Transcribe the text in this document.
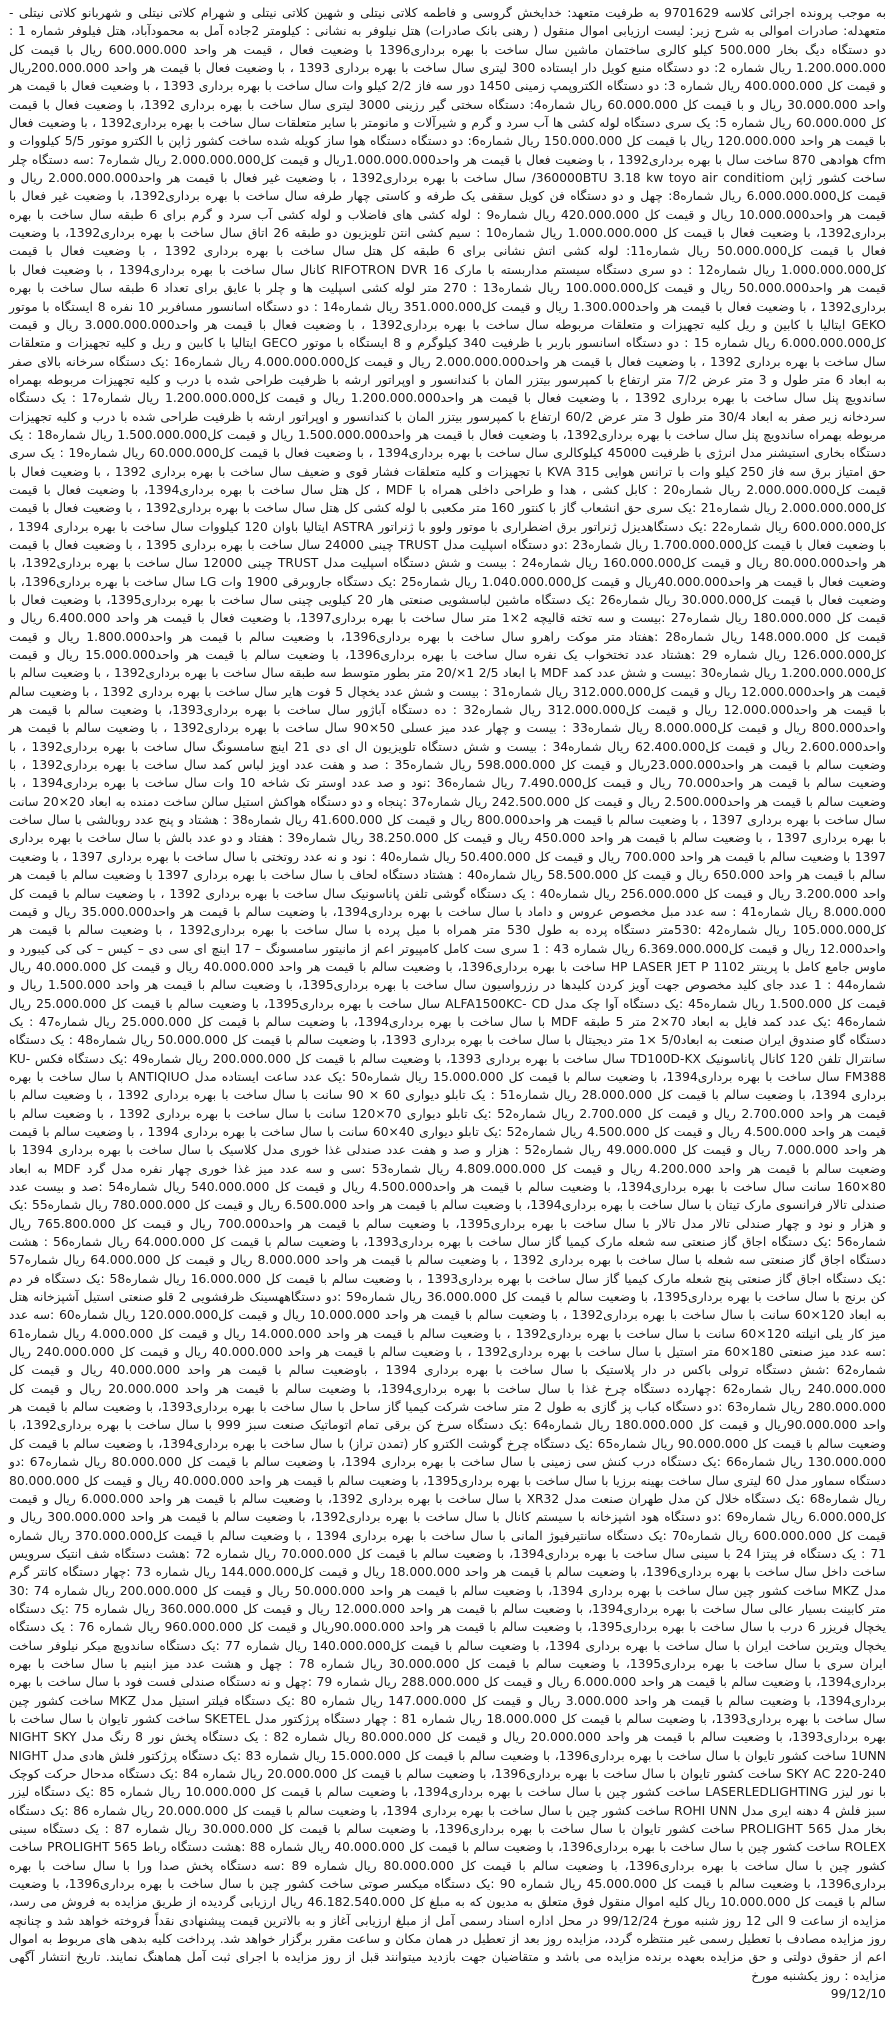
به موجب پرونده اجرائی کلاسه 9701629 به طرفیت متعهد: خدایخش گروسی و فاطمه کلاتی نیتلی و شهین کلاتی نیتلی و شهرام کلاتی نیتلی و شهربانو کلاتی نیتلی - متعهدله: صادرات اموالی به شرح زیر: لیست ارزیابی اموال منقول ( رهنی بانک صادرات) هتل نیلوفر به نشانی : کیلومتر 2جاده آمل به محمودآباد، هتل فیلوفر شماره 1 : دو دستگاه دیگ بخار 500.000 کیلو کالری ساختمان ماشین سال ساخت با بهره برداری1396 با وضعیت فعال ، قیمت هر واحد 600.000.000 ریال با قیمت کل 1.200.000.000 ریال شماره 2: دو دستگاه منبع کویل دار ایستاده 300 لیتری سال ساخت با بهره برداری 1393 ، با وضعیت فعال با قیمت هر واحد 200.000.000ریال و قیمت کل 400.000.000 ریال شماره 3: دو دستگاه الکتروپمپ زمینی 1450 دور سه فاز 2/2 کیلو وات سال ساخت با بهره برداری 1393 ، با وضعیت فعال با قیمت هر واحد 30.000.000 ریال و با قیمت کل 60.000.000 ریال شماره4: دستگاه سختی گیر رزینی 3000 لیتری سال ساخت با بهره برداری 1392، با وضعیت فعال با قیمت کل 60.000.000 ریال شماره 5: یک سری دستگاه لوله کشی ها آب سرد و گرم و شیرآلات و مانومتر با سایر متعلقات سال ساخت با بهره برداری1392 ، با وضعیت فعال با قیمت هر واحد 120.000.000 ریال با قیمت کل 150.000.000 ریال شماره6: دو دستگاه دستگاه هوا ساز کویله شده ساخت کشور ژاپن با الکترو موتور 5/5 کیلووات و cfm هوادهی 870 ساخت سال با بهره برداری1392 ، با وضعیت فعال با قیمت هر واحد1.000.000.000ریال و قیمت کل2.000.000.000 ریال شماره7 :سه دستگاه چلر ساخت کشور ژاپن 360000BTU 3.18 kw toyo air conditiom/ سال ساخت با بهره برداری1392 ، با وضعیت غیر فعال با قیمت هر واحد2.000.000.000 ریال و قیمت کل6.000.000.000 ریال شماره8: چهل و دو دستگاه فن کویل سقفی یک طرفه و کاستی چهار طرفه سال ساخت با بهره برداری1392، با وضعیت غیر فعال با قیمت هر واحد10.000.000 ریال و قیمت کل 420.000.000 ریال شماره9 : لوله کشی های فاضلاب و لوله کشی آب سرد و گرم برای 6 طبقه سال ساخت با بهره برداری1392، با وضعیت فعال با قیمت کل 1.000.000.000 ریال شماره10 : سیم کشی انتن تلویزیون دو طبقه 26 اتاق سال ساخت با بهره برداری1392، با وضعیت فعال با قیمت کل50.000.000 ریال شماره11: لوله کشی اتش نشانی برای 6 طبقه کل هتل سال ساخت با بهره برداری 1392 ، با وضعیت فعال با قیمت کل1.000.000.000 ریال شماره12 : دو سری دستگاه سیستم مداربسته با مارک RIFOTRON DVR 16 کانال سال ساخت با بهره برداری1394 ، با وضعیت فعال با قیمت هر واحد50.000.000 ریال و قیمت کل100.000.000 ریال شماره13 : 270 متر لوله کشی اسپلیت ها و چلر با عایق برای تعداد 6 طبقه سال ساخت با بهره برداری1392 ، با وضعیت فعال با قیمت هر واحد1.300.000 ریال و قیمت کل351.000.000 ریال شماره14 : دو دستگاه اسانسور مسافربر 10 نفره 8 ایستگاه با موتور GEKO ایتالیا با کابین و ریل کلیه تجهیزات و متعلقات مربوطه سال ساخت با بهره برداری1392 ، با وضعیت فعال با قیمت هر واحد3.000.000.000 ریال و قیمت کل6.000.000.000 ریال شماره 15 : دو دستگاه اسانسور باربر با ظرفیت 340 کیلوگرم و 8 ایستگاه با موتور GECO ایتالیا با کابین و ریل و کلیه تجهیزات و متعلقات سال ساخت با بهره برداری 1392 ، با وضعیت فعال با قیمت هر واحد2.000.000.000 ریال و قیمت کل4.000.000.000 ریال شماره16 :یک دستگاه سرخانه بالای صفر به ابعاد 6 متر طول و 3 متر عرض 7/2 متر ارتفاع با کمپرسور بیتزر المان با کندانسور و اوپراتور ارشه با ظرفیت طراحی شده با درب و کلیه تجهیزات مربوطه بهمراه ساندویچ پنل سال ساخت با بهره برداری 1392 ، با وضعیت فعال با قیمت هر واحد1.200.000.000 ریال و قیمت کل1.200.000.000 ریال شماره17 : یک دستگاه سردخانه زیر صفر به ابعاد 30/4 متر طول 3 متر عرض 60/2 ارتفاع با کمپرسور بیتزر المان با کندانسور و اوپراتور ارشه با ظرفیت طراحی شده با درب و کلیه تجهیزات مربوطه بهمراه ساندویچ پنل سال ساخت با بهره برداری1392، با وضعیت فعال با قیمت هر واحد1.500.000.000 ریال و قیمت کل1.500.000.000 ریال شماره18 : یک دستگاه بخاری استیشنر مدل انرژی با ظرفیت 45000 کیلوکالری سال ساخت با بهره برداری1394 ، با وضعیت فعال با قیمت کل60.000.000 ریال شماره19 : یک سری حق امتیاز برق سه فاز 250 کیلو وات با ترانس هوایی 315 KVA با تجهیزات و کلیه متعلقات فشار قوی و ضعیف سال ساخت با بهره برداری 1392 ، با وضعیت فعال با قیمت کل2.000.000.000 ریال شماره20 : کابل کشی ، هدا و طراحی داخلی همراه با MDF ، کل هتل سال ساخت با بهره برداری1394، با وضعیت فعال با قیمت کل2.000.000.000 ریال شماره21 :یک سری حق انشعاب گاز با کنتور 160 متر مکعبی با لوله کشی کل هتل سال ساخت با بهره برداری1392 ، با وضعیت فعال با قیمت کل600.000.000 ریال شماره22 :یک دستگاهدیزل ژنراتور برق اضطراری با موتور ولوو با ژنراتور ASTRA ایتالیا باوان 120 کیلووات سال ساخت با بهره برداری 1394 ، با وضعیت فعال با قیمت کل1.700.000.000 ریال شماره23 :دو دستگاه اسپلیت مدل TRUST چینی 24000 سال ساخت با بهره برداری 1395 ، با وضعیت فعال با قیمت هر واحد80.000.000 ریال و قیمت کل160.000.000 ریال شماره24 : بیست و شش دستگاه اسپلیت مدل TRUST چینی 12000 سال ساخت با بهره برداری1392، با وضعیت فعال با قیمت هر واحد40.000.000ریال و قیمت کل1.040.000.000 ریال شماره25 :یک دستگاه جاروبرقی 1900 وات LG سال ساخت با بهره برداری1396، با وضعیت فعال با قیمت کل30.000.000 ریال شماره26 :یک دستگاه ماشین لباسشویی صنعتی هار 20 کیلویی چینی سال ساخت با بهره برداری1395، با وضعیت فعال با قیمت کل 180.000.000 ریال شماره27 :بیست و سه تخته قالیچه 2×1 متر سال ساخت با بهره برداری1397، با وضعیت فعال با قیمت هر واحد 6.400.000 ریال و قیمت کل 148.000.000 ریال شماره28 :هفتاد متر موکت راهرو سال ساخت با بهره برداری1396، با وضعیت سالم با قیمت هر واحد1.800.000 ریال و قیمت کل126.000.000 ریال شماره 29 :هشتاد عدد تختخواب یک نفره سال ساخت با بهره برداری1396، با وضعیت سالم با قیمت هر واحد15.000.000 ریال و قیمت کل1.200.000.000 ریال شماره30 :بیست و شش عدد کمد MDF با ابعاد 2/5 1×/20 متر بطور متوسط سه طبقه سال ساخت با بهره برداری1392 ، با وضعیت سالم با قیمت هر واحد12.000.000 ریال و قیمت کل312.000.000 ریال شماره31 : بیست و شش عدد یخچال 5 فوت هایر سال ساخت با بهره برداری 1392 ، با وضعیت سالم با قیمت هر واحد12.000.000 ریال و قیمت کل312.000.000 ریال شماره32 : ده دستگاه آباژور سال ساخت با بهره برداری1393، با وضعیت سالم با قیمت هر واحد800.000 ریال و قیمت کل8.000.000 ریال شماره33 : بیست و چهار عدد میز عسلی 50×90 سال ساخت با بهره برداری1392 ، با وضعیت سالم با قیمت هر واحد2.600.000 ریال و قیمت کل62.400.000 ریال شماره34 : بیست و شش دستگاه تلویزیون ال ای دی 21 اینچ سامسونگ سال ساخت با بهره برداری1392 ، با وضعیت سالم با قیمت هر واحد23.000.000ریال و قیمت کل 598.000.000 ریال شماره35 : صد و هفت عدد اویز لباس کمد سال ساخت با بهره برداری1392 ، با وضعیت سالم با قیمت هر واحد70.000 ریال و قیمت کل7.490.000 ریال شماره36 :نود و صد عدد اوستر تک شاخه 10 وات سال ساخت با بهره برداری1394 ، با وضعیت سالم با قیمت هر واحد2.500.000 ریال و قیمت کل 242.500.000 ریال شماره37 :پنجاه و دو دستگاه هواکش استیل سالن ساخت دمنده به ابعاد 20×20 سانت سال ساخت با بهره برداری 1397 ، با وضعیت سالم با قیمت هر واحد800.000 ریال و قیمت کل 41.600.000 ریال شماره38 : هشتاد و پنج عدد روبالشی با سال ساخت با بهره برداری 1397 ، با وضعیت سالم با قیمت هر واحد 450.000 ریال و قیمت کل 38.250.000 ریال شماره39 : هفتاد و دو عدد بالش با سال ساخت با بهره برداری 1397 با وضعیت سالم با قیمت هر واحد 700.000 ریال و قیمت کل 50.400.000 ریال شماره40 : نود و نه عدد روتختی با سال ساخت با بهره برداری 1397 ، با وضعیت سالم با قیمت هر واحد 650.000 ریال و قیمت کل 58.500.000 ریال شماره40 : هشتاد دستگاه لحاف با سال ساخت با بهره برداری 1397 با وضعیت سالم با قیمت هر واحد 3.200.000 ریال و قیمت کل 256.000.000 ریال شماره40 : یک دستگاه گوشی تلفن پاناسونیک سال ساخت با بهره برداری 1392 ، با وضعیت سالم با قیمت کل 8.000.000 ریال شماره41 : سه عدد مبل مخصوص عروس و داماد با سال ساخت با بهره برداری1394، با وضعیت سالم با قیمت هر واحد35.000.000 ریال و قیمت کل105.000.000 ریال شماره42 :530متر دستگاه پرده به طول 530 متر همراه با میل پرده با سال ساخت با بهره برداری1392 ، با وضعیت سالم با قیمت هر واحد12.000 ریال و قیمت کل6.369.000.000 ریال شماره 43 : 1 سری ست کامل کامپیوتر اعم از مانیتور سامسونگ – 17 اینچ ای سی دی – کیس – کی کی کیبورد و ماوس جامع کامل با پرینتر HP LASER JET P 1102 ساخت با بهره برداری1396، با وضعیت سالم با قیمت هر واحد 40.000.000 ریال و قیمت کل 40.000.000 ریال شماره44 : 1 عدد جای کلید مخصوص جهت آویز کردن کلیدها در رزرواسیون سال ساخت با بهره برداری1395، با وضعیت سالم با قیمت هر واحد 1.500.000 ریال و قیمت کل 1.500.000 ریال شماره45 :یک دستگاه آوا چک مدل ALFA1500KC- CD سال ساخت با بهره برداری1395، با وضعیت سالم با قیمت کل 25.000.000 ریال شماره46 :یک عدد کمد فایل به ابعاد 70×2 متر 5 طبقه MDF با سال ساخت با بهره برداری1394، با وضعیت سالم با قیمت کل 25.000.000 ریال شماره47 : یک دستگاه گاو صندوق ایران صنعت به ابعاد5/0 ×1 متر دیجیتال با سال ساخت با بهره برداری 1393، با وضعیت سالم با قیمت کل 50.000.000 ریال شماره48 : یک دستگاه سانترال تلفن 120 کانال پاناسونیک TD100D-KX سال ساخت با بهره برداری 1393، با وضعیت سالم با قیمت کل 200.000.000 ریال شماره49 :یک دستگاه فکس KU- FM388 سال ساخت با بهره برداری1394، با وضعیت سالم با قیمت کل 15.000.000 ریال شماره50 :یک عدد ساعت ایستاده مدل ANTIQIUO با سال ساخت با بهره برداری 1394، با وضعیت سالم با قیمت کل 28.000.000 ریال شماره51 : یک تابلو دیواری 60 × 90 سانت با سال ساخت با بهره برداری 1392 ، با وضعیت سالم با قیمت هر واحد 2.700.000 ریال و قیمت کل 2.700.000 ریال شماره52 :یک تابلو دیواری 70×120 سانت با سال ساخت با بهره برداری 1392 ، با وضعیت سالم با قیمت هر واحد 4.500.000 ریال و قیمت کل 4.500.000 ریال شماره52 :یک تابلو دیواری 40×60 سانت با سال ساخت با بهره برداری 1394 ، با وضعیت سالم با قیمت هر واحد 7.000.000 ریال و قیمت کل 49.000.000 ریال شماره52 : هزار و صد و هفت عدد صندلی غذا خوری مدل کلاسیک با سال ساخت با بهره برداری 1394 با وضعیت سالم با قیمت هر واحد 4.200.000 ریال و قیمت کل 4.809.000.000 ریال شماره53 :سی و سه عدد میز غذا خوری چهار نفره مدل گرد MDF به ابعاد 80×160 سانت سال ساخت با بهره برداری1394، با وضعیت سالم با قیمت هر واحد4.500.000 ریال و قیمت کل 540.000.000 ریال شماره54 :صد و بیست عدد صندلی تالار فرانسوی مارک تیتان با سال ساخت با بهره برداری1394، با وضعیت سالم با قیمت هر واحد 6.500.000 ریال و قیمت کل 780.000.000 ریال شماره55 :یک و هزار و نود و چهار صندلی تالار مدل تالار با سال ساخت با بهره برداری1395، با وضعیت سالم با قیمت هر واحد700.000 ریال و قیمت کل 765.800.000 ریال شماره56 :یک دستگاه اجاق گاز صنعتی سه شعله مارک کیمیا گاز سال ساخت با بهره برداری1393، با وضعیت سالم با قیمت کل 64.000.000 ریال شماره56 : هشت دستگاه اجاق گاز صنعتی سه شعله با سال ساخت با بهره برداری 1392 ، با وضعیت سالم با قیمت هر واحد 8.000.000 ریال و قیمت کل 64.000.000 ریال شماره57 :یک دستگاه اجاق گاز صنعتی پنج شعله مارک کیمیا گاز سال ساخت با بهره برداری1393 ، با وضعیت سالم با قیمت کل 16.000.000 ریال شماره58 :یک دستگاه فر دم کن برنج با سال ساخت با بهره برداری1395، با وضعیت سالم با قیمت کل 36.000.000 ریال شماره59 :دو دستگاههسینک ظرفشویی 2 قلو صنعتی استیل آشپزخانه هتل به ابعاد 120×60 سانت با سال ساخت با بهره برداری1392 ، با وضعیت سالم با قیمت هر واحد 10.000.000 ریال و قیمت کل120.000.000 ریال شماره60 :سه عدد میز کار یلی انیلته 120×60 سانت با سال ساخت با بهره برداری1392 ، با وضعیت سالم با قیمت هر واحد 14.000.000 ریال و قیمت کل 4.000.000 ریال شماره61 :سه عدد میز صنعتی 180×60 متر استیل با سال ساخت با بهره برداری1392 ، با وضعیت سالم با قیمت هر واحد 40.000.000 ریال و قیمت کل 240.000.000 ریال شماره62 :شش دستگاه ترولی باکس در دار پلاستیک با سال ساخت با بهره برداری 1394 ، باوضعیت سالم با قیمت هر واحد 40.000.000 ریال و قیمت کل 240.000.000 ریال شماره62 :چهارده دستگاه چرخ غذا با سال ساخت با بهره برداری1394، با وضعیت سالم با قیمت هر واحد 20.000.000 ریال و قیمت کل 280.000.000 ریال شماره63 :دو دستگاه کباب پز گازی به طول 2 متر ساخت شرکت کیمیا گاز ساحل با سال ساخت با بهره برداری1393، با وضعیت سالم با قیمت هر واحد 90.000.000ریال و قیمت کل 180.000.000 ریال شماره64 :یک دستگاه سرخ کن برقی تمام اتوماتیک صنعت سبز 999 با سال ساخت با بهره برداری1392، با وضعیت سالم با قیمت کل 90.000.000 ریال شماره65 :یک دستگاه چرخ گوشت الکترو کار (تمدن تراز) با سال ساخت با بهره برداری1394، با وضعیت سالم با قیمت کل 130.000.000 ریال شماره66 :یک دستگاه درب کنش سی زمینی با سال ساخت با بهره برداری 1394، با وضعیت سالم با قیمت کل 80.000.000 ریال شماره67 :دو دستگاه سماور مدل 60 لیتری سال ساخت بهینه برزیا با سال ساخت با بهره برداری1395، با وضعیت سالم با قیمت هر واحد 40.000.000 ریال و قیمت کل 80.000.000 ریال شماره68 :یک دستگاه خلال کن مدل طهران صنعت مدل XR32 با سال ساخت با بهره برداری 1392، با وضعیت سالم با قیمت هر واحد 6.000.000 ریال و قیمت کل6.000.000 ریال شماره69 :دو دستگاه هود اشپزخانه با سیستم کانال با سال ساخت با بهره برداری1392، با وضعیت سالم با قیمت هر واحد 300.000.000 ریال و قیمت کل 600.000.000 ریال شماره70 :یک دستگاه سانتیرفیوژ المانی با سال ساخت با بهره برداری 1394 ، با وضعیت سالم با قیمت کل370.000.000 ریال شماره 71 : یک دستگاه فر پیتزا 24 با سینی سال ساخت با بهره برداری1394، با وضعیت سالم با قیمت کل 70.000.000 ریال شماره 72 :هشت دستگاه شف انتیک سرویس ساخت داخل سال ساخت با بهره برداری1396، با وضعیت سالم با قیمت هر واحد 18.000.000 ریال و قیمت کل144.000.000 ریال شماره 73 :چهار دستگاه کانتر گرم مدل MKZ ساخت کشور چین سال ساخت با بهره برداری 1394، با وضعیت سالم با قیمت هر واحد 50.000.000 ریال و قیمت کل 200.000.000 ریال شماره 74 :30 متر کابینت بسیار عالی سال ساخت با بهره برداری1394، با وضعیت سالم با قیمت هر واحد 12.000.000 ریال و قیمت کل 360.000.000 ریال شماره 75 :یک دستگاه یخچال فریزر 6 درب با سال ساخت با بهره برداری1395، با وضعیت سالم با قیمت هر واحد 90.000.000ریال و قیمت کل 960.000.000 ریال شماره 76 : یک دستگاه یخچال ویترین ساخت ایران با سال ساخت با بهره برداری 1394، با وضعیت سالم با قیمت کل140.000.000 ریال شماره 77 :یک دستگاه ساندویچ میکر نیلوفر ساخت ایران سری با سال ساخت با بهره برداری1395، با وضعیت سالم با قیمت کل 30.000.000 ریال شماره 78 : چهل و هشت عدد میز ابنیم با سال ساخت با بهره برداری1394، با وضعیت سالم با قیمت هر واحد 6.000.000 ریال و قیمت کل 288.000.000 ریال شماره 79 :چهل و نه دستگاه صندلی فست فود با سال ساخت با بهره برداری1394، با وضعیت سالم با قیمت هر واحد 3.000.000 ریال و قیمت کل 147.000.000 ریال شماره 80 :یک دستگاه فیلتر استیل مدل MKZ ساخت کشور چین سال ساخت با بهره برداری1393، با وضعیت سالم با قیمت کل 18.000.000 ریال شماره 81 : چهار دستگاه پرژکتور مدل SKETEL ساخت کشور تایوان با سال ساخت با بهره برداری1393، با وضعیت سالم با قیمت هر واحد 20.000.000 ریال و قیمت کل 80.000.000 ریال شماره 82 : یک دستگاه پخش نور 8 رنگ مدل NIGHT SKY 1UNN ساخت کشور تایوان با سال ساخت با بهره برداری1396، با وضعیت سالم با قیمت کل 15.000.000 ریال شماره 83 :یک دستگاه پرژکتور فلش هادی مدل NIGHT SKY AC 220-240 ساخت کشور تایوان با سال ساخت با بهره برداری1396، با وضعیت سالم با قیمت کل 20.000.000 ریال شماره 84 :یک دستگاه مدحال حرکت کوچک با نور لیزر LASERLEDLIGHTING ساخت کشور چین با سال ساخت با بهره برداری1394، با وضعیت سالم با قیمت کل 10.000.000 ریال شماره 85 :یک دستگاه لیزر سبز فلش 4 دهنه ایری مدل ROHI UNN ساخت کشور چین با سال ساخت با بهره برداری 1394، با وضعیت سالم با قیمت کل 20.000.000 ریال شماره 86 :یک دستگاه بخار مدل 565 PROLIGHT ساخت کشور تایوان با سال ساخت با بهره برداری1396، با وضعیت سالم با قیمت کل 30.000.000 ریال شماره 87 : یک دستگاه سینی ROLEX ساخت کشور چین با سال ساخت با بهره برداری1396، با وضعیت سالم با قیمت کل 40.000.000 ریال شماره 88 :هشت دستگاه رباط 565 PROLIGHT ساخت کشور چین با سال ساخت با بهره برداری1396، با وضعیت سالم با قیمت کل 80.000.000 ریال شماره 89 :سه دستگاه پخش صدا ورا با سال ساخت با بهره برداری1396، با وضعیت سالم با قیمت کل 45.000.000 ریال شماره 90 :یک دستگاه میکسر صوتی ساخت کشور چین با سال ساخت با بهره برداری1396، با وضعیت سالم با قیمت کل 10.000.000 ریال کلیه اموال منقول فوق متعلق به مدیون که به مبلغ کل 46.182.540.000 ریال ارزیابی گردیده از طریق مزایده به فروش می رسد، مزایده از ساعت 9 الی 12 روز شنبه مورخ 99/12/24 در محل اداره اسناد رسمی آمل از مبلغ ارزیابی آغاز و به بالاترین قیمت پیشنهادی نقداً فروخته خواهد شد و چنانچه روز مزایده مصادف با تعطیل رسمی غیر منتظره گردد، مزایده روز بعد از تعطیل در همان مکان و ساعت مقرر برگزار خواهد شد. پرداخت کلیه بدهی های مربوط به اموال اعم از حقوق دولتی و حق مزایده بعهده برنده مزایده می باشد و متقاضیان جهت بازدید میتوانند قبل از روز مزایده با اجرای ثبت آمل هماهنگ نمایند. تاریخ انتشار آگهی مزایده : روز یکشنبه مورخ
99/12/10
